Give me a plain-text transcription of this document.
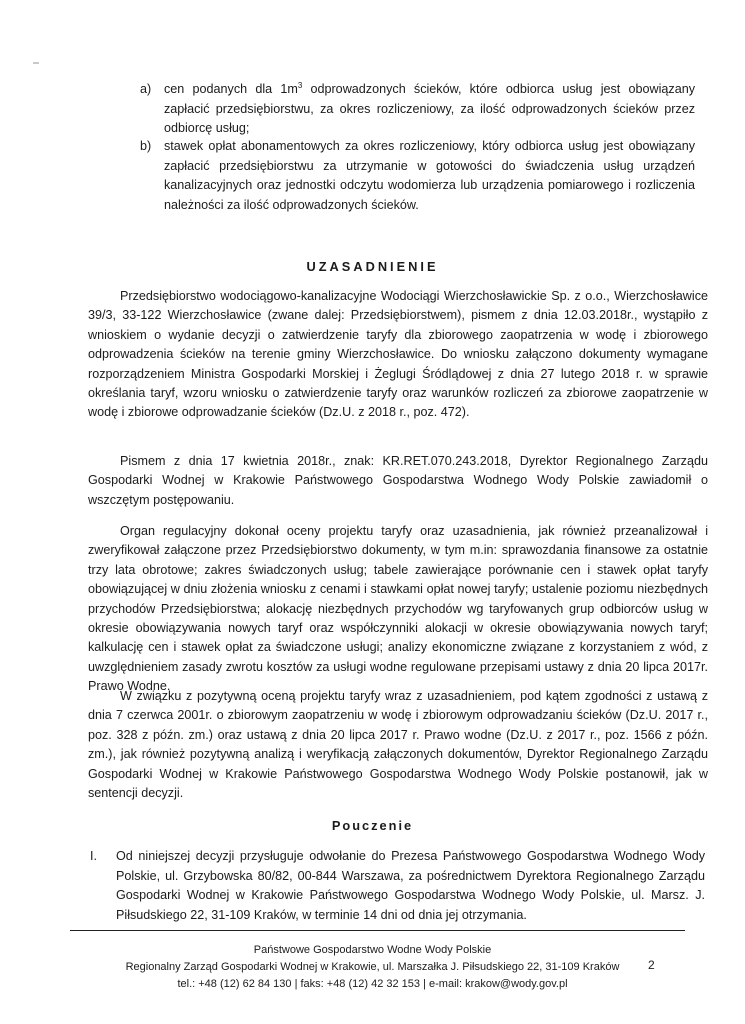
a)	cen podanych dla $1m^3$ odprowadzonych ścieków, które odbiorca usług jest obowiązany zapłacić przedsiębiorstwu, za okres rozliczeniowy, za ilość odprowadzonych ścieków przez odbiorcę usług;
b)	stawek opłat abonamentowych za okres rozliczeniowy, który odbiorca usług jest obowiązany zapłacić przedsiębiorstwu za utrzymanie w gotowości do świadczenia usług urządzeń kanalizacyjnych oraz jednostki odczytu wodomierza lub urządzenia pomiarowego i rozliczenia należności za ilość odprowadzonych ścieków.
UZASADNIENIE

Przedsiębiorstwo wodociągowo-kanalizacyjne Wodociągi Wierzchosławickie Sp. z o.o., Wierzchosławice 39/3, 33-122 Wierzchosławice (zwane dalej: Przedsiębiorstwem), pismem z dnia 12.03.2018r., wystąpiło z wnioskiem o wydanie decyzji o zatwierdzenie taryfy dla zbiorowego zaopatrzenia w wodę i zbiorowego odprowadzenia ścieków na terenie gminy Wierzchosławice. Do wniosku załączono dokumenty wymagane rozporządzeniem Ministra Gospodarki Morskiej i Żeglugi Śródlądowej z dnia 27 lutego 2018 r. w sprawie określania taryf, wzoru wniosku o zatwierdzenie taryfy oraz warunków rozliczeń za zbiorowe zaopatrzenie w wodę i zbiorowe odprowadzanie ścieków (Dz.U. z 2018 r., poz. 472).

Pismem z dnia 17 kwietnia 2018r., znak: KR.RET.070.243.2018, Dyrektor Regionalnego Zarządu Gospodarki Wodnej w Krakowie Państwowego Gospodarstwa Wodnego Wody Polskie zawiadomił o wszczętym postępowaniu.

Organ regulacyjny dokonał oceny projektu taryfy oraz uzasadnienia, jak również przeanalizował i zweryfikował załączone przez Przedsiębiorstwo dokumenty, w tym m.in: sprawozdania finansowe za ostatnie trzy lata obrotowe; zakres świadczonych usług; tabele zawierające porównanie cen i stawek opłat taryfy obowiązującej w dniu złożenia wniosku z cenami i stawkami opłat nowej taryfy; ustalenie poziomu niezbędnych przychodów Przedsiębiorstwa; alokację niezbędnych przychodów wg taryfowanych grup odbiorców usług w okresie obowiązywania nowych taryf oraz współczynniki alokacji w okresie obowiązywania nowych taryf; kalkulację cen i stawek opłat za świadczone usługi; analizy ekonomiczne związane z korzystaniem z wód, z uwzględnieniem zasady zwrotu kosztów za usługi wodne regulowane przepisami ustawy z dnia 20 lipca 2017r. Prawo Wodne.

W związku z pozytywną oceną projektu taryfy wraz z uzasadnieniem, pod kątem zgodności z ustawą z dnia 7 czerwca 2001r. o zbiorowym zaopatrzeniu w wodę i zbiorowym odprowadzaniu ścieków (Dz.U. 2017 r., poz. 328 z późn. zm.) oraz ustawą z dnia 20 lipca 2017 r. Prawo wodne (Dz.U. z 2017 r., poz. 1566 z późn. zm.), jak również pozytywną analizą i weryfikacją załączonych dokumentów, Dyrektor Regionalnego Zarządu Gospodarki Wodnej w Krakowie Państwowego Gospodarstwa Wodnego Wody Polskie postanowił, jak w sentencji decyzji.

Pouczenie
I. Od niniejszej decyzji przysługuje odwołanie do Prezesa Państwowego Gospodarstwa Wodnego Wody Polskie, ul. Grzybowska 80/82, 00-844 Warszawa, za pośrednictwem Dyrektora Regionalnego Zarządu Gospodarki Wodnej w Krakowie Państwowego Gospodarstwa Wodnego Wody Polskie, ul. Marsz. J. Piłsudskiego 22, 31-109 Kraków, w terminie 14 dni od dnia jej otrzymania.
Państwowe Gospodarstwo Wodne Wody Polskie
Regionalny Zarząd Gospodarki Wodnej w Krakowie, ul. Marszałka J. Piłsudskiego 22, 31-109 Kraków
tel.: +48 (12) 62 84 130 | faks: +48 (12) 42 32 153 | e-mail: krakow@wody.gov.pl
2
